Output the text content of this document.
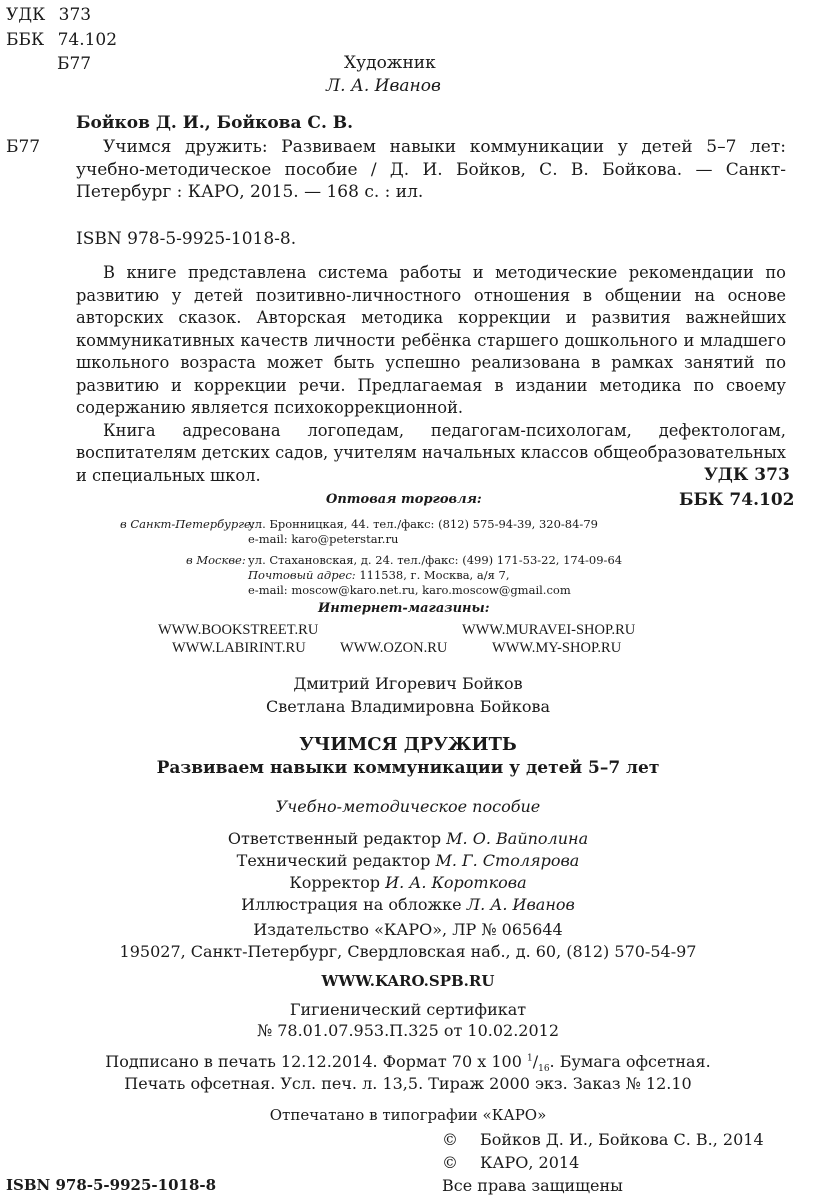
УДК 373
ББК 74.102
Б77	Художник
Л. А. Иванов
Бойков Д. И., Бойкова С. В.
Б77	Учимся дружить: Развиваем навыки коммуникации у детей 5–7 лет: учебно-методическое пособие / Д. И. Бойков, С. В. Бойкова. — Санкт-Петербург : КАРО, 2015. — 168 с. : ил.
ISBN 978-5-9925-1018-8.

В книге представлена система работы и методические рекомендации по развитию у детей позитивно-личностного отношения в общении на основе авторских сказок. Авторская методика коррекции и развития важнейших коммуникативных качеств личности ребёнка старшего дошкольного и младшего школьного возраста может быть успешно реализована в рамках занятий по развитию и коррекции речи. Предлагаемая в издании методика по своему содержанию является психокоррекционной.

Книга адресована логопедам, педагогам-психологам, дефектологам, воспитателям детских садов, учителям начальных классов общеобразовательных и специальных школ.	УДК 373
ББК 74.102
Оптовая торговля:
в Санкт-Петербурге:
ул. Бронницкая, 44. тел./факс: (812) 575-94-39, 320-84-79
e-mail: karo@peterstar.ru
в Москве: ул. Стахановская, д. 24. тел./факс: (499) 171-53-22, 174-09-64
Почтовый адрес: 111538, г. Москва, а/я 7,
e-mail: moscow@karo.net.ru, karo.moscow@gmail.com
Интернет-магазины:
WWW.BOOKSTREET.RU	WWW.MURAVEI-SHOP.RU
WWW.LABIRINT.RU WWW.OZON.RU	WWW.MY-SHOP.RU
Дмитрий Игоревич Бойков
Светлана Владимировна Бойкова
УЧИМСЯ ДРУЖИТЬ
Развиваем навыки коммуникации у детей 5–7 лет
Учебно-методическое пособие
Ответственный редактор М. О. Вайполина
Технический редактор М. Г. Столярова
Корректор И. А. Короткова
Иллюстрация на обложке Л. А. Иванов
Издательство «КАРО», ЛР № 065644
195027, Санкт-Петербург, Свердловская наб., д. 60, (812) 570-54-97
WWW.KARO.SPB.RU
Гигиенический сертификат
№ 78.01.07.953.П.325 от 10.02.2012
Подписано в печать 12.12.2014. Формат 70 x 100 $^1/_{16}$. Бумага офсетная.
Печать офсетная. Усл. печ. л. 13,5. Тираж 2000 экз. Заказ № 12.10
Отпечатано в типографии «КАРО»
© Бойков Д. И., Бойкова С. В., 2014
© КАРО, 2014
ISBN 978-5-9925-1018-8	Все права защищены
